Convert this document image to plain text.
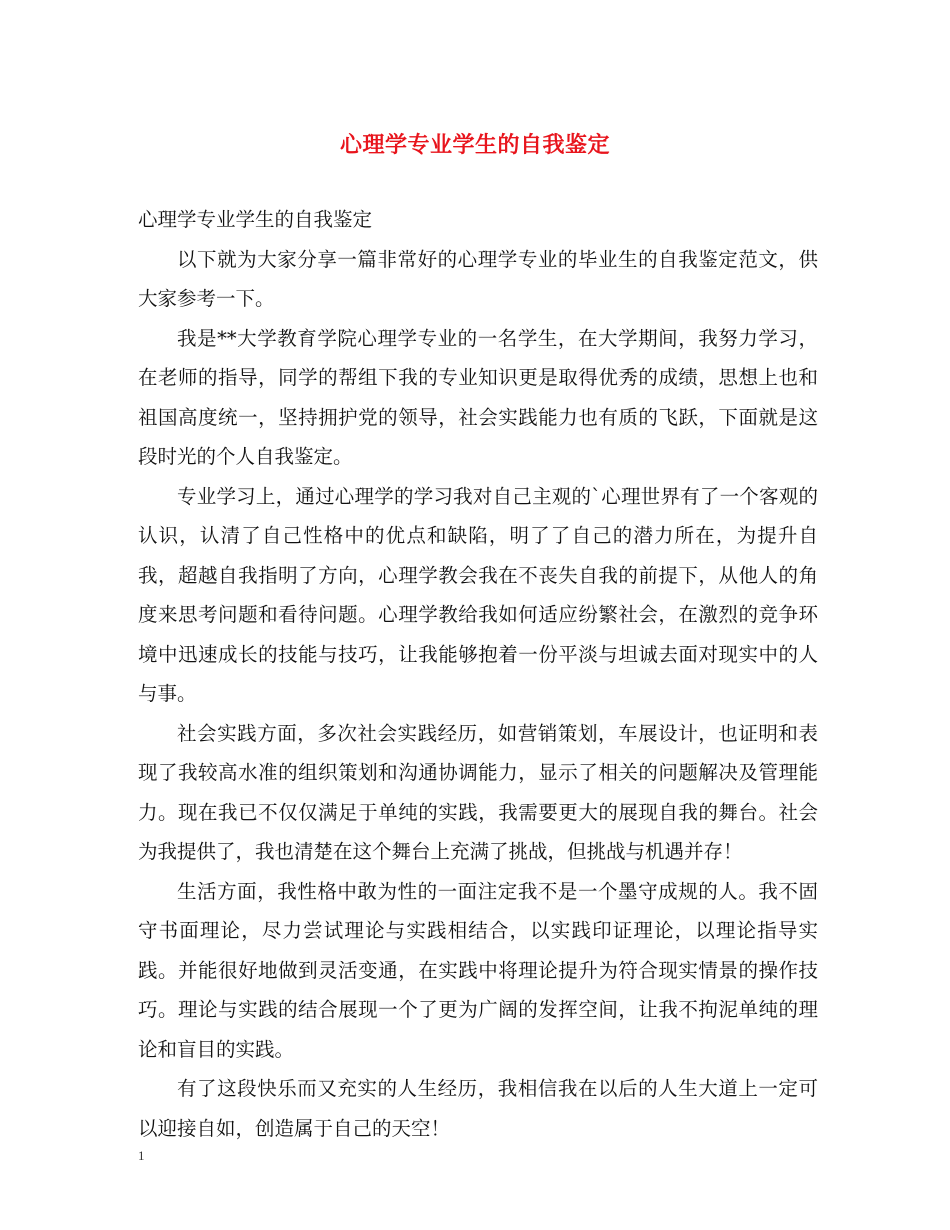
心理学专业学生的自我鉴定

心理学专业学生的自我鉴定

以下就为大家分享一篇非常好的心理学专业的毕业生的自我鉴定范文，供大家参考一下。

我是**大学教育学院心理学专业的一名学生，在大学期间，我努力学习，在老师的指导，同学的帮组下我的专业知识更是取得优秀的成绩，思想上也和祖国高度统一，坚持拥护党的领导，社会实践能力也有质的飞跃，下面就是这段时光的个人自我鉴定。

专业学习上，通过心理学的学习我对自己主观的`心理世界有了一个客观的认识，认清了自己性格中的优点和缺陷，明了了自己的潜力所在，为提升自我，超越自我指明了方向，心理学教会我在不丧失自我的前提下，从他人的角度来思考问题和看待问题。心理学教给我如何适应纷繁社会，在激烈的竞争环境中迅速成长的技能与技巧，让我能够抱着一份平淡与坦诚去面对现实中的人与事。

社会实践方面，多次社会实践经历，如营销策划，车展设计，也证明和表现了我较高水准的组织策划和沟通协调能力，显示了相关的问题解决及管理能力。现在我已不仅仅满足于单纯的实践，我需要更大的展现自我的舞台。社会为我提供了，我也清楚在这个舞台上充满了挑战，但挑战与机遇并存！

生活方面，我性格中敢为性的一面注定我不是一个墨守成规的人。我不固守书面理论，尽力尝试理论与实践相结合，以实践印证理论，以理论指导实践。并能很好地做到灵活变通，在实践中将理论提升为符合现实情景的操作技巧。理论与实践的结合展现一个了更为广阔的发挥空间，让我不拘泥单纯的理论和盲目的实践。

有了这段快乐而又充实的人生经历，我相信我在以后的人生大道上一定可以迎接自如，创造属于自己的天空！

1
